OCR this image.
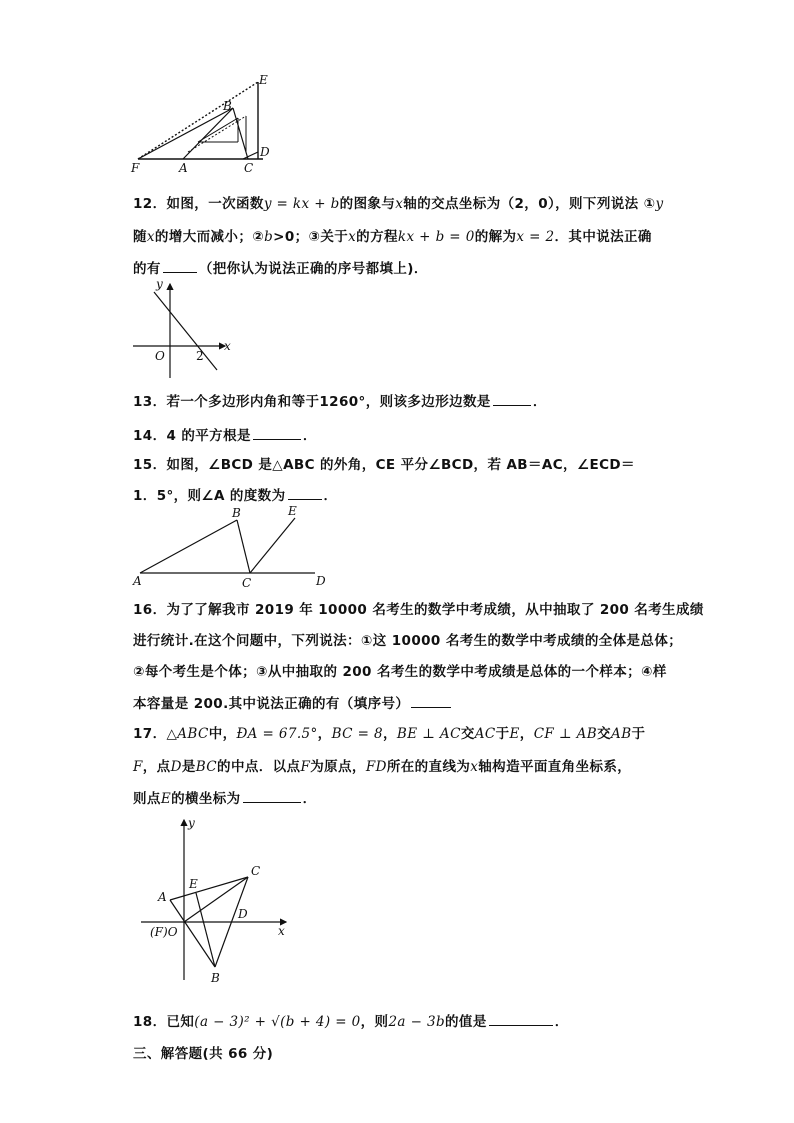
E
B
D
F	A	C
12．如图，一次函数y = kx + b的图象与x轴的交点坐标为（2，0），则下列说法 ①y
随x的增大而减小；②b>0；③关于x的方程kx + b = 0的解为x = 2．其中说法正确
的有	（把你认为说法正确的序号都填上)．
y
x
O	2
13．若一个多边形内角和等于1260°，则该多边形边数是	．
14．4 的平方根是	．
15．如图，∠BCD 是△ABC 的外角，CE 平分∠BCD，若 AB＝AC，∠ECD＝
1．5°，则∠A 的度数为	．
B	E
A	C	D
16．为了了解我市 2019 年 10000 名考生的数学中考成绩，从中抽取了 200 名考生成绩
进行统计.在这个问题中，下列说法：①这 10000 名考生的数学中考成绩的全体是总体；
②每个考生是个体；③从中抽取的 200 名考生的数学中考成绩是总体的一个样本；④样
本容量是 200.其中说法正确的有（填序号）
17．△ABC中，ÐA = 67.5°，BC = 8，BE ⊥ AC交AC于E，CF ⊥ AB交AB于
F，点D是BC的中点．以点F为原点，FD所在的直线为x轴构造平面直角坐标系，
则点E的横坐标为	．
y
x
C
A
E
D
(F)O
B
18．已知(a − 3)² + √(b + 4) = 0，则2a − 3b的值是	．
三、解答题(共 66 分)
